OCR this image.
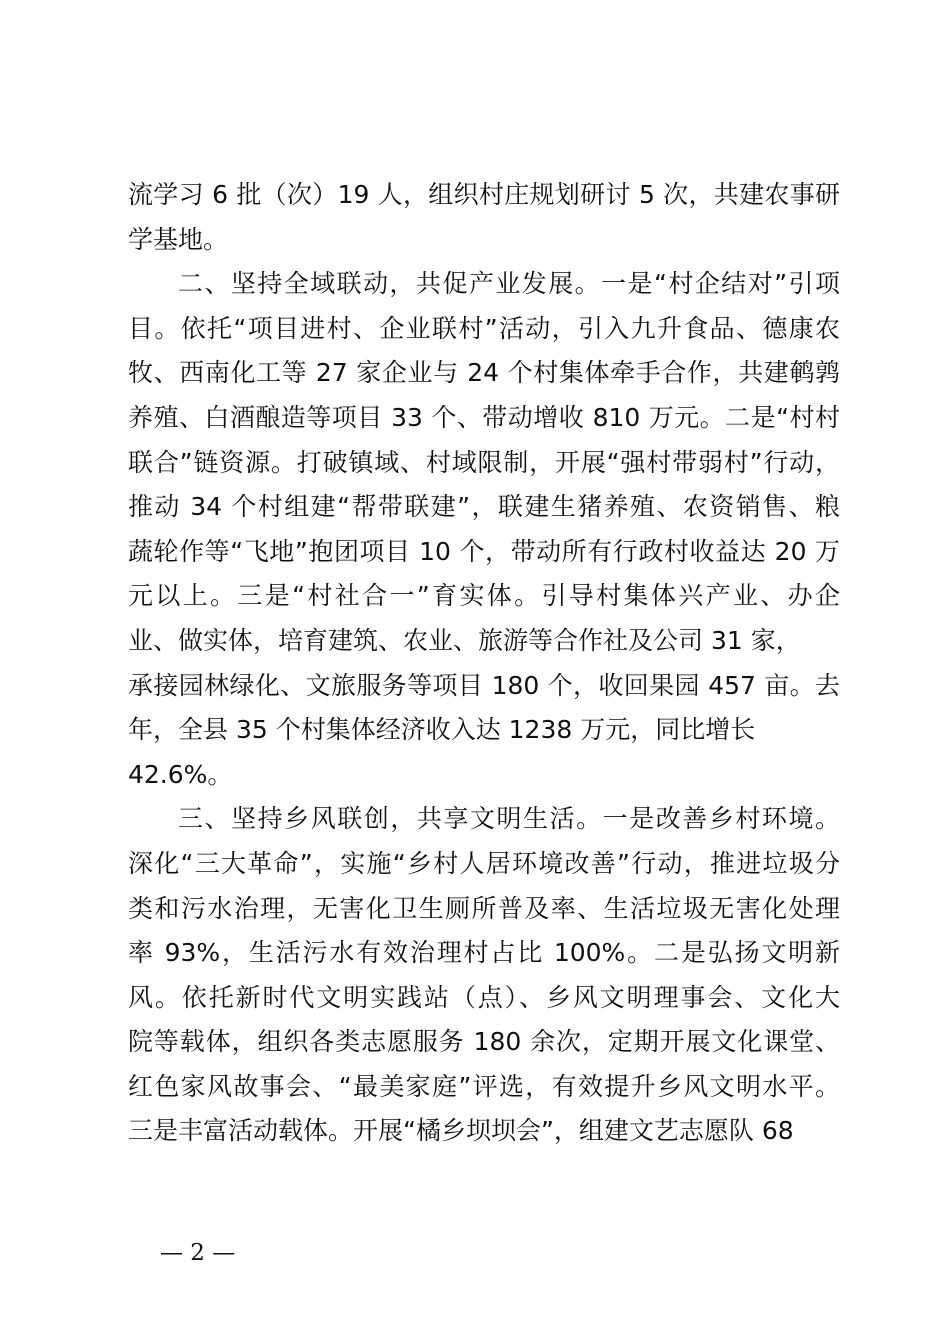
流学习 6 批（次）19 人，组织村庄规划研讨 5 次，共建农事研
学基地。
二、坚持全域联动，共促产业发展。一是“村企结对”引项
目。依托“项目进村、企业联村”活动，引入九升食品、德康农
牧、西南化工等 27 家企业与 24 个村集体牵手合作，共建鹌鹑
养殖、白酒酿造等项目 33 个、带动增收 810 万元。二是“村村
联合”链资源。打破镇域、村域限制，开展“强村带弱村”行动，
推动 34 个村组建“帮带联建”，联建生猪养殖、农资销售、粮
蔬轮作等“飞地”抱团项目 10 个，带动所有行政村收益达 20 万
元以上。三是“村社合一”育实体。引导村集体兴产业、办企
业、做实体，培育建筑、农业、旅游等合作社及公司 31 家，
承接园林绿化、文旅服务等项目 180 个，收回果园 457 亩。去
年，全县 35 个村集体经济收入达 1238 万元，同比增长
42.6%。
三、坚持乡风联创，共享文明生活。一是改善乡村环境。
深化“三大革命”，实施“乡村人居环境改善”行动，推进垃圾分
类和污水治理，无害化卫生厕所普及率、生活垃圾无害化处理
率 93%，生活污水有效治理村占比 100%。二是弘扬文明新
风。依托新时代文明实践站（点）、乡风文明理事会、文化大
院等载体，组织各类志愿服务 180 余次，定期开展文化课堂、
红色家风故事会、“最美家庭”评选，有效提升乡风文明水平。
三是丰富活动载体。开展“橘乡坝坝会”，组建文艺志愿队 68
— 2 —
